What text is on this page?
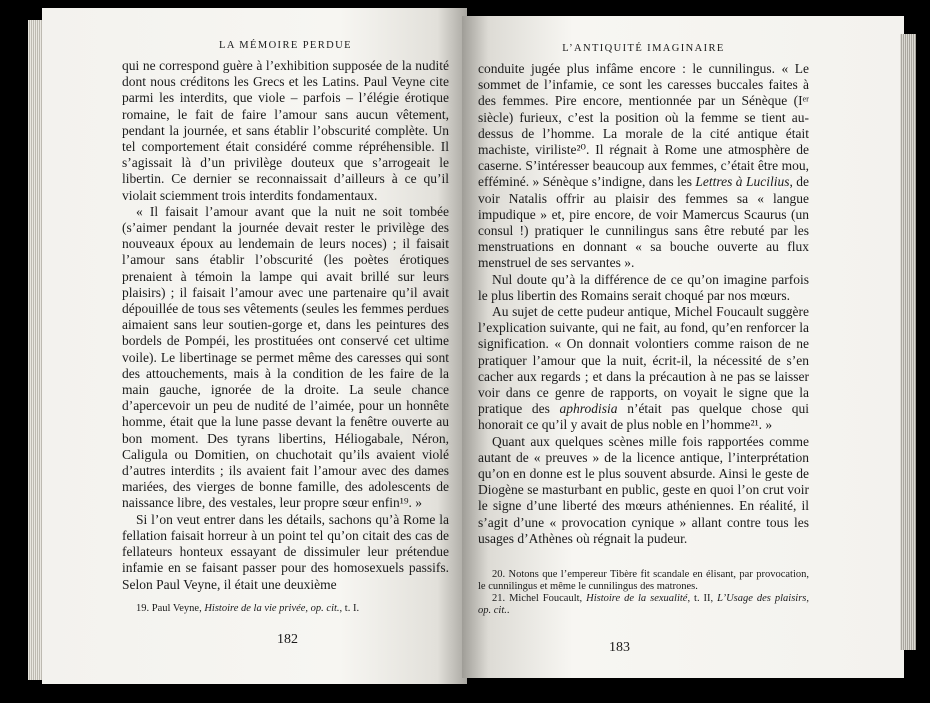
LA MÉMOIRE PERDUE

qui ne correspond guère à l’exhibition supposée de la nudité dont nous créditons les Grecs et les Latins. Paul Veyne cite parmi les interdits, que viole – parfois – l’élégie érotique romaine, le fait de faire l’amour sans aucun vêtement, pendant la journée, et sans établir l’obscurité complète. Un tel comportement était considéré comme répréhensible. Il s’agissait là d’un privilège douteux que s’arrogeait le libertin. Ce dernier se reconnaissait d’ailleurs à ce qu’il violait sciemment trois interdits fondamentaux.

« Il faisait l’amour avant que la nuit ne soit tombée (s’aimer pendant la journée devait rester le privilège des nouveaux époux au lendemain de leurs noces) ; il faisait l’amour sans établir l’obscurité (les poètes érotiques prenaient à témoin la lampe qui avait brillé sur leurs plaisirs) ; il faisait l’amour avec une partenaire qu’il avait dépouillée de tous ses vêtements (seules les femmes perdues aimaient sans leur soutien-gorge et, dans les peintures des bordels de Pompéi, les prostituées ont conservé cet ultime voile). Le libertinage se permet même des caresses qui sont des attouchements, mais à la condition de les faire de la main gauche, ignorée de la droite. La seule chance d’apercevoir un peu de nudité de l’aimée, pour un honnête homme, était que la lune passe devant la fenêtre ouverte au bon moment. Des tyrans libertins, Héliogabale, Néron, Caligula ou Domitien, on chuchotait qu’ils avaient violé d’autres interdits ; ils avaient fait l’amour avec des dames mariées, des vierges de bonne famille, des adolescents de naissance libre, des vestales, leur propre sœur enfin¹⁹. »

Si l’on veut entrer dans les détails, sachons qu’à Rome la fellation faisait horreur à un point tel qu’on citait des cas de fellateurs honteux essayant de dissimuler leur prétendue infamie en se faisant passer pour des homosexuels passifs. Selon Paul Veyne, il était une deuxième

19. Paul Veyne, Histoire de la vie privée, op. cit., t. I.

182
L’ANTIQUITÉ IMAGINAIRE

conduite jugée plus infâme encore : le cunnilingus. « Le sommet de l’infamie, ce sont les caresses buccales faites à des femmes. Pire encore, mentionnée par un Sénèque (Iᵉʳ siècle) furieux, c’est la position où la femme se tient au-dessus de l’homme. La morale de la cité antique était machiste, viriliste²⁰. Il régnait à Rome une atmosphère de caserne. S’intéresser beaucoup aux femmes, c’était être mou, efféminé. » Sénèque s’indigne, dans les Lettres à Lucilius, de voir Natalis offrir au plaisir des femmes sa « langue impudique » et, pire encore, de voir Mamercus Scaurus (un consul !) pratiquer le cunnilingus sans être rebuté par les menstruations en donnant « sa bouche ouverte au flux menstruel de ses servantes ».

Nul doute qu’à la différence de ce qu’on imagine parfois le plus libertin des Romains serait choqué par nos mœurs.

Au sujet de cette pudeur antique, Michel Foucault suggère l’explication suivante, qui ne fait, au fond, qu’en renforcer la signification. « On donnait volontiers comme raison de ne pratiquer l’amour que la nuit, écrit-il, la nécessité de s’en cacher aux regards ; et dans la précaution à ne pas se laisser voir dans ce genre de rapports, on voyait le signe que la pratique des aphrodisia n’était pas quelque chose qui honorait ce qu’il y avait de plus noble en l’homme²¹. »

Quant aux quelques scènes mille fois rapportées comme autant de « preuves » de la licence antique, l’interprétation qu’on en donne est le plus souvent absurde. Ainsi le geste de Diogène se masturbant en public, geste en quoi l’on crut voir le signe d’une liberté des mœurs athéniennes. En réalité, il s’agit d’une « provocation cynique » allant contre tous les usages d’Athènes où régnait la pudeur.

20. Notons que l’empereur Tibère fit scandale en élisant, par provocation, le cunnilingus et même le cunnilingus des matrones.

21. Michel Foucault, Histoire de la sexualité, t. II, L’Usage des plaisirs, op. cit..

183
